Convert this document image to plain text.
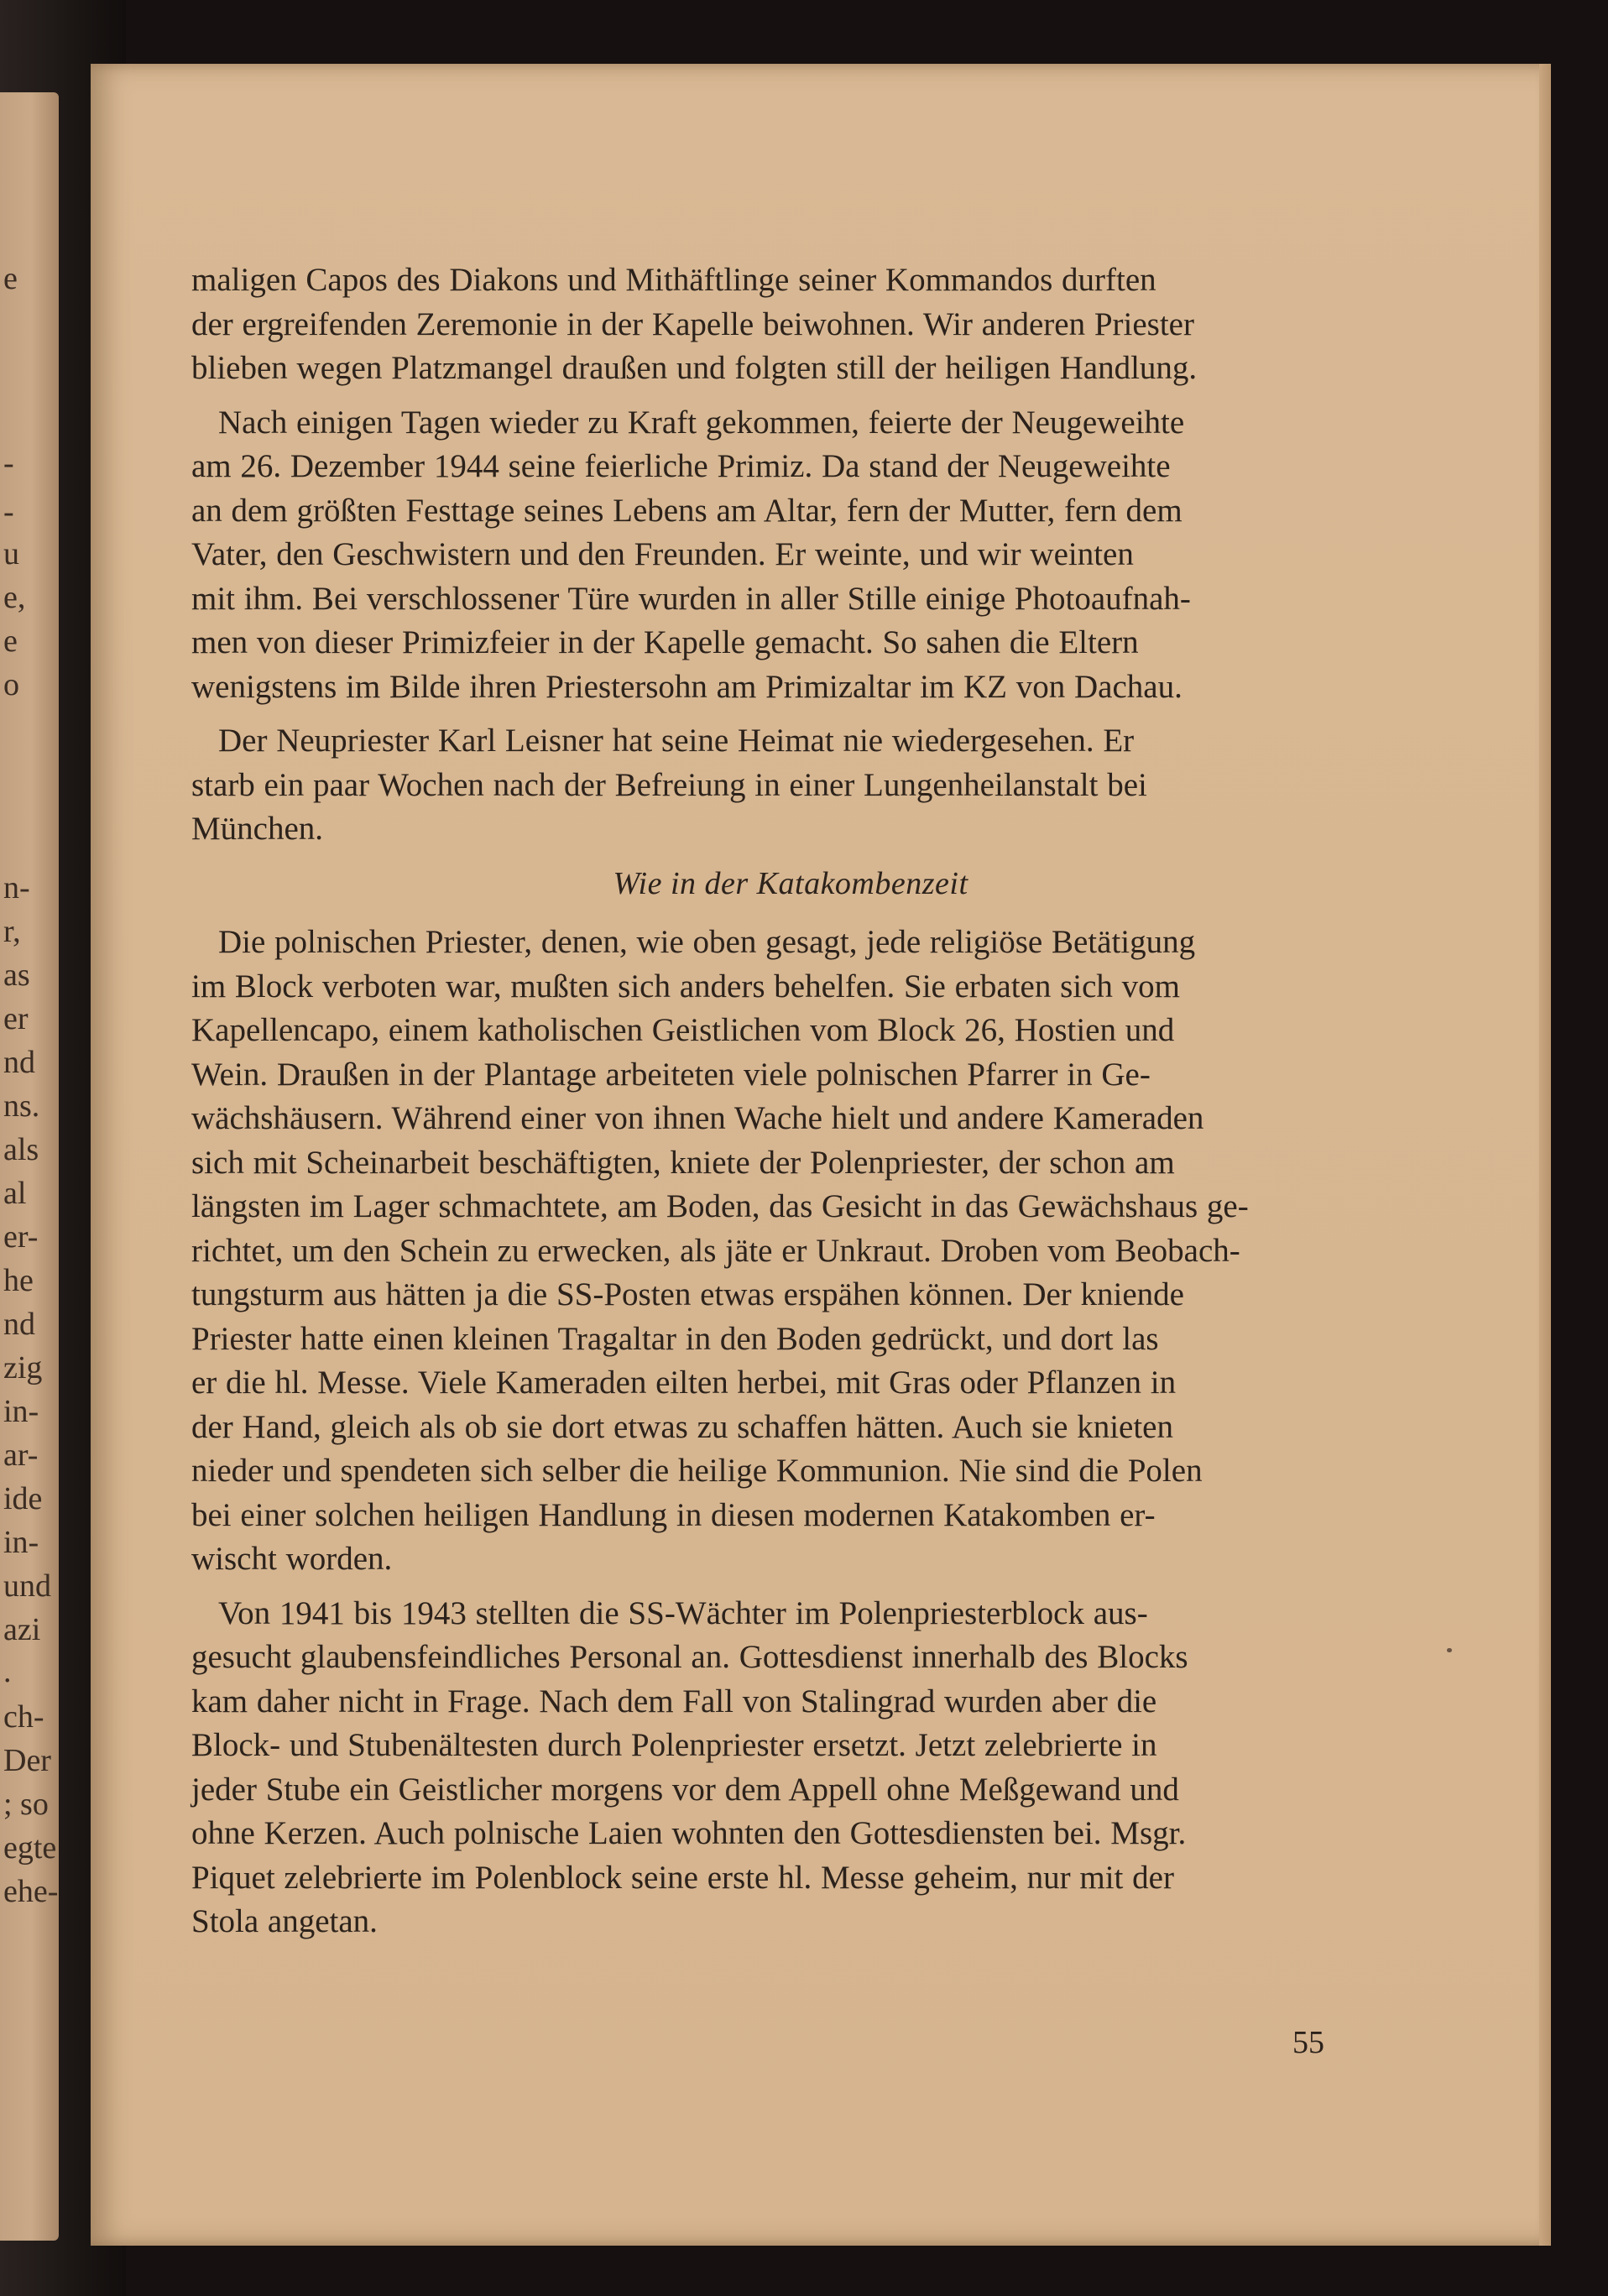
e
-
-
u
e,
e
o
n-
r,
as
er
nd
ns.
als
al
er-
he
nd
zig
in-
ar-
ide
in-
und
azi
.
ch-
Der
; so
egte
ehe-

maligen Capos des Diakons und Mithäftlinge seiner Kommandos durften
der ergreifenden Zeremonie in der Kapelle beiwohnen. Wir anderen Priester
blieben wegen Platzmangel draußen und folgten still der heiligen Handlung.

Nach einigen Tagen wieder zu Kraft gekommen, feierte der Neugeweihte
am 26. Dezember 1944 seine feierliche Primiz. Da stand der Neugeweihte
an dem größten Festtage seines Lebens am Altar, fern der Mutter, fern dem
Vater, den Geschwistern und den Freunden. Er weinte, und wir weinten
mit ihm. Bei verschlossener Türe wurden in aller Stille einige Photoaufnah-
men von dieser Primizfeier in der Kapelle gemacht. So sahen die Eltern
wenigstens im Bilde ihren Priestersohn am Primizaltar im KZ von Dachau.

Der Neupriester Karl Leisner hat seine Heimat nie wiedergesehen. Er
starb ein paar Wochen nach der Befreiung in einer Lungenheilanstalt bei
München.

Wie in der Katakombenzeit

Die polnischen Priester, denen, wie oben gesagt, jede religiöse Betätigung
im Block verboten war, mußten sich anders behelfen. Sie erbaten sich vom
Kapellencapo, einem katholischen Geistlichen vom Block 26, Hostien und
Wein. Draußen in der Plantage arbeiteten viele polnischen Pfarrer in Ge-
wächshäusern. Während einer von ihnen Wache hielt und andere Kameraden
sich mit Scheinarbeit beschäftigten, kniete der Polenpriester, der schon am
längsten im Lager schmachtete, am Boden, das Gesicht in das Gewächshaus ge-
richtet, um den Schein zu erwecken, als jäte er Unkraut. Droben vom Beobach-
tungsturm aus hätten ja die SS-Posten etwas erspähen können. Der kniende
Priester hatte einen kleinen Tragaltar in den Boden gedrückt, und dort las
er die hl. Messe. Viele Kameraden eilten herbei, mit Gras oder Pflanzen in
der Hand, gleich als ob sie dort etwas zu schaffen hätten. Auch sie knieten
nieder und spendeten sich selber die heilige Kommunion. Nie sind die Polen
bei einer solchen heiligen Handlung in diesen modernen Katakomben er-
wischt worden.

Von 1941 bis 1943 stellten die SS-Wächter im Polenpriesterblock aus-
gesucht glaubensfeindliches Personal an. Gottesdienst innerhalb des Blocks
kam daher nicht in Frage. Nach dem Fall von Stalingrad wurden aber die
Block- und Stubenältesten durch Polenpriester ersetzt. Jetzt zelebrierte in
jeder Stube ein Geistlicher morgens vor dem Appell ohne Meßgewand und
ohne Kerzen. Auch polnische Laien wohnten den Gottesdiensten bei. Msgr.
Piquet zelebrierte im Polenblock seine erste hl. Messe geheim, nur mit der
Stola angetan.

55
